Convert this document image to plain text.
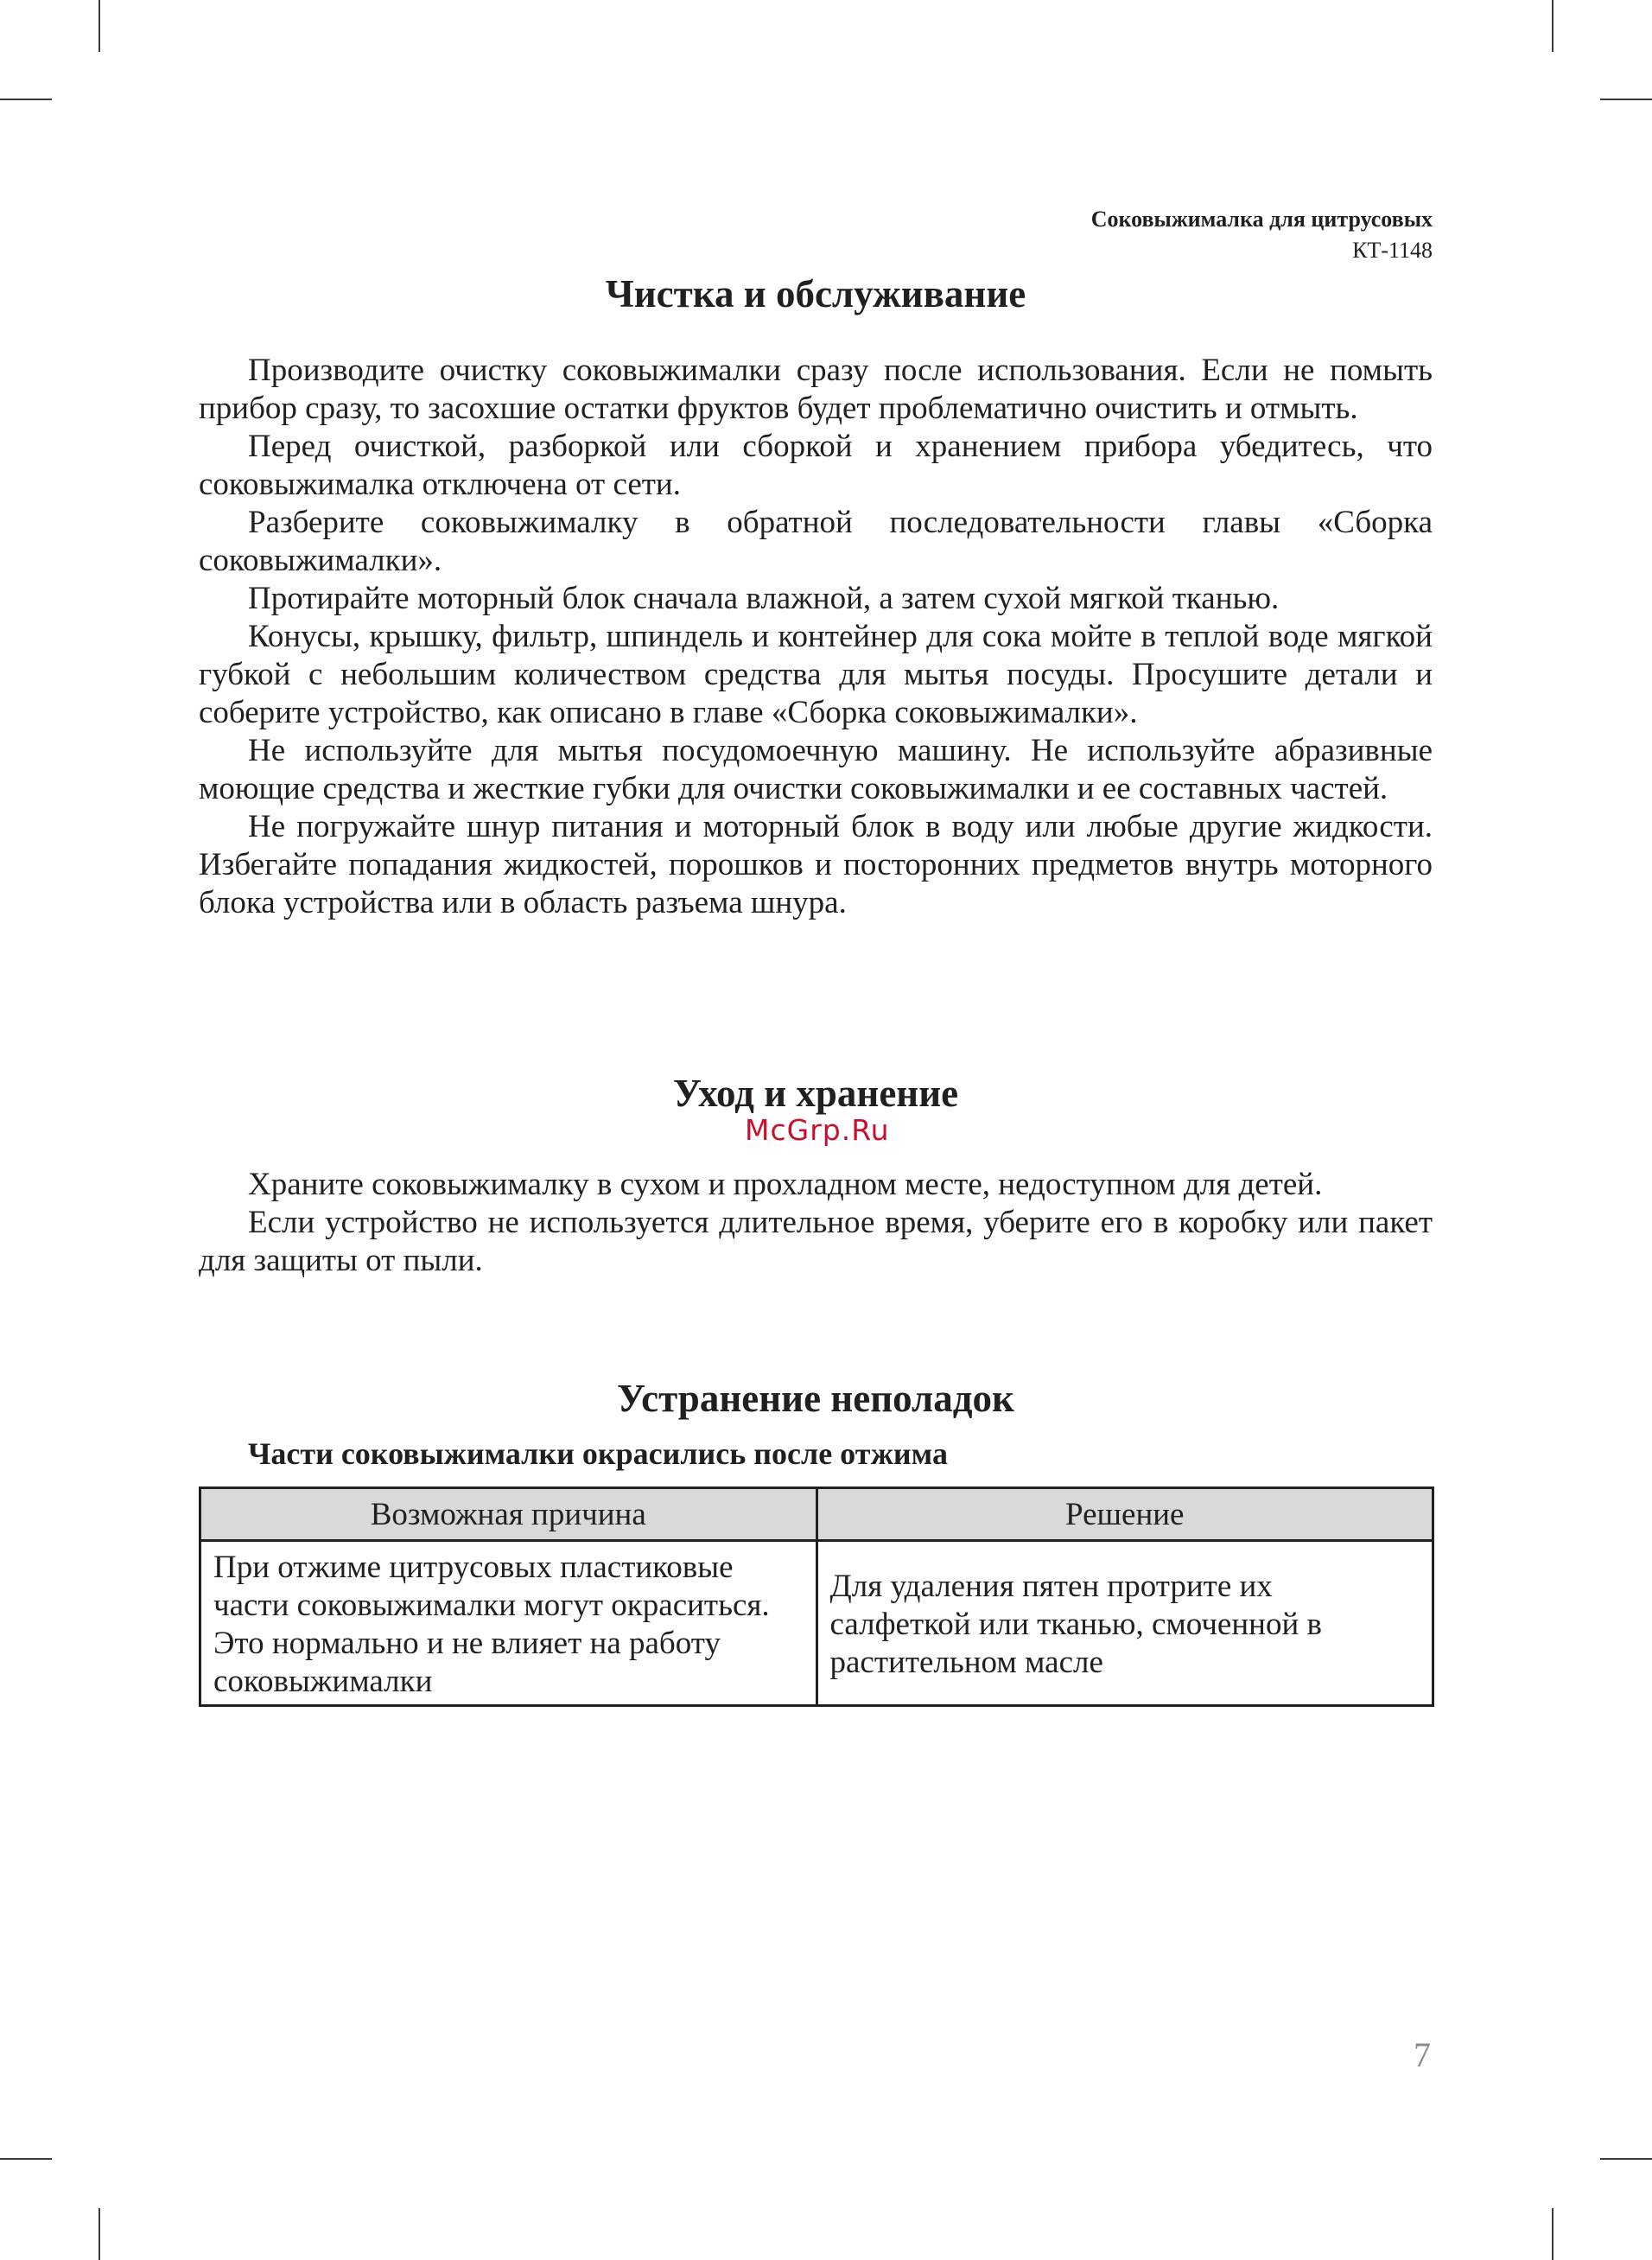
Соковыжималка для цитрусовых
КТ-1148
Чистка и обслуживание

Производите очистку соковыжималки сразу после использования. Если не помыть прибор сразу, то засохшие остатки фруктов будет проблематично очистить и отмыть.

Перед очисткой, разборкой или сборкой и хранением прибора убедитесь, что соковыжималка отключена от сети.

Разберите соковыжималку в обратной последовательности главы «Сборка соковыжималки».

Протирайте моторный блок сначала влажной, а затем сухой мягкой тканью.

Конусы, крышку, фильтр, шпиндель и контейнер для сока мойте в теплой воде мягкой губкой с небольшим количеством средства для мытья посуды. Просушите детали и соберите устройство, как описано в главе «Сборка соковыжималки».

Не используйте для мытья посудомоечную машину. Не используйте абразивные моющие средства и жесткие губки для очистки соковыжималки и ее составных частей.

Не погружайте шнур питания и моторный блок в воду или любые другие жидкости. Избегайте попадания жидкостей, порошков и посторонних предметов внутрь моторного блока устройства или в область разъема шнура.

Уход и хранение

Храните соковыжималку в сухом и прохладном месте, недоступном для детей.

Если устройство не используется длительное время, уберите его в коробку или пакет для защиты от пыли.

McGrp.Ru
Устранение неполадок

Части соковыжималки окрасились после отжима

Возможная причина	Решение
При отжиме цитрусовых пластиковые части соковыжималки могут окраситься. Это нормально и не влияет на работу соковыжималки	Для удаления пятен протрите их салфеткой или тканью, смоченной в растительном масле
7
